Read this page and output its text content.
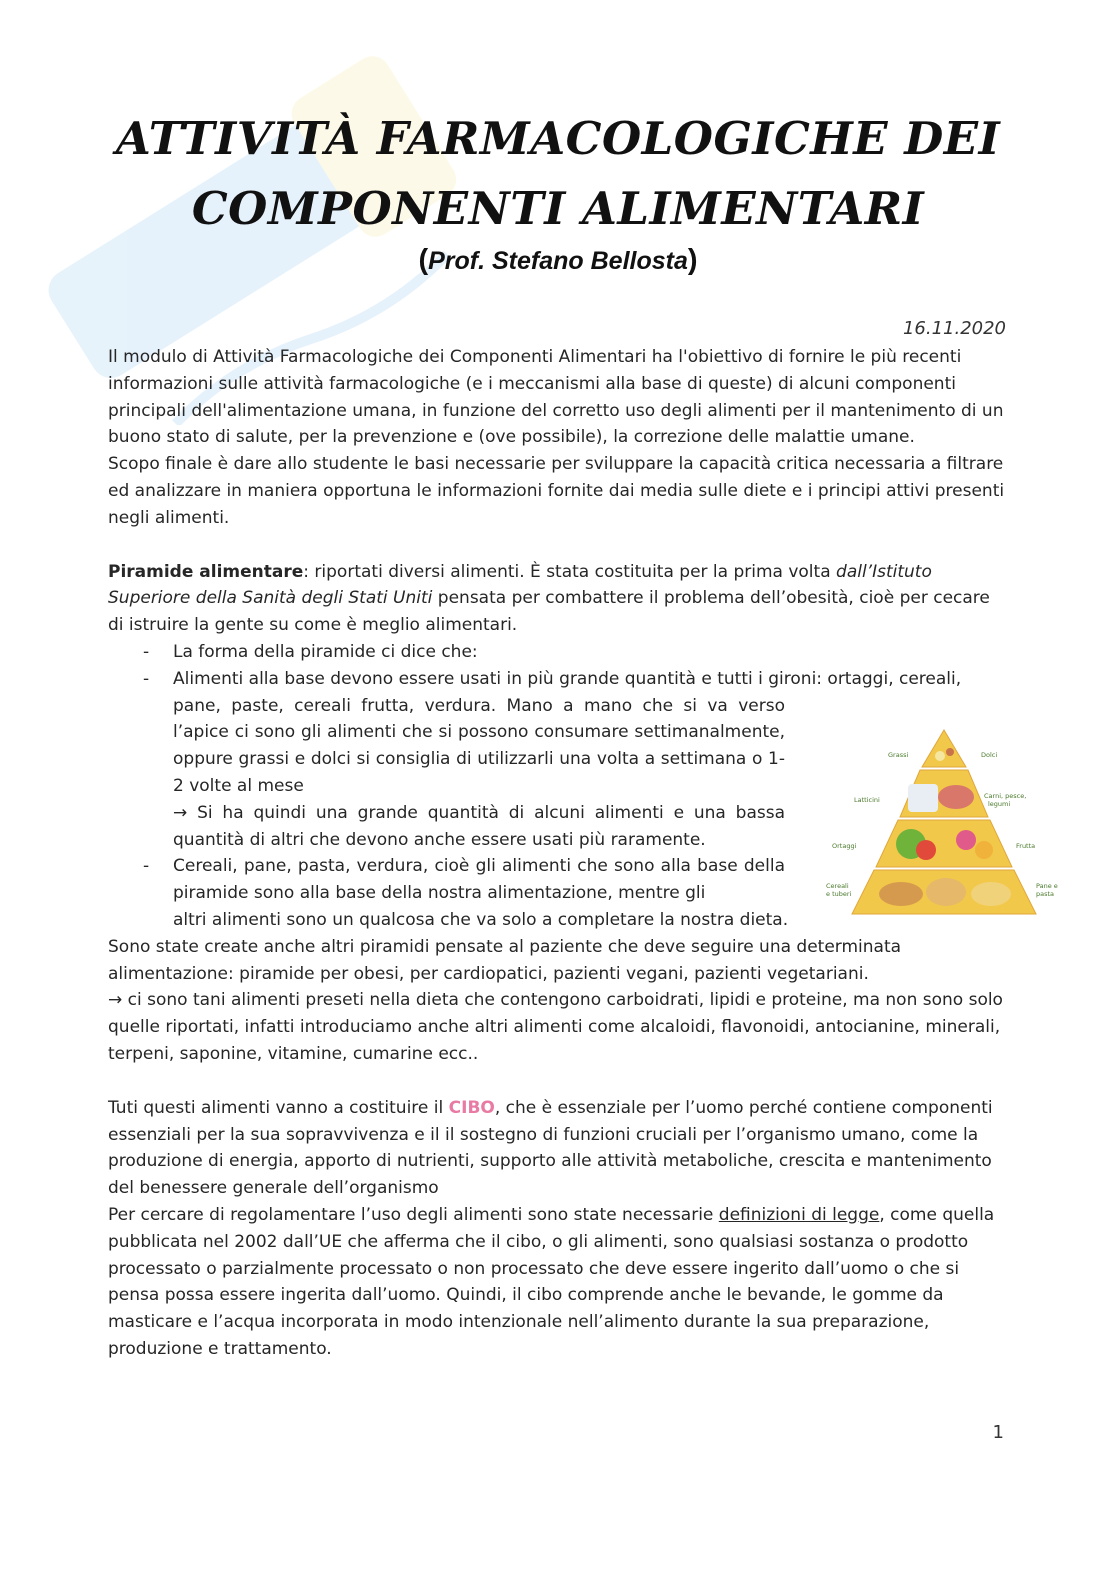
ATTIVITÀ FARMACOLOGICHE DEI
COMPONENTI ALIMENTARI

(Prof. Stefano Bellosta)

16.11.2020

Il modulo di Attività Farmacologiche dei Componenti Alimentari ha l'obiettivo di fornire le più recenti informazioni sulle attività farmacologiche (e i meccanismi alla base di queste) di alcuni componenti principali dell'alimentazione umana, in funzione del corretto uso degli alimenti per il mantenimento di un buono stato di salute, per la prevenzione e (ove possibile), la correzione delle malattie umane.

Scopo finale è dare allo studente le basi necessarie per sviluppare la capacità critica necessaria a filtrare ed analizzare in maniera opportuna le informazioni fornite dai media sulle diete e i principi attivi presenti negli alimenti.

Piramide alimentare: riportati diversi alimenti. È stata costituita per la prima volta dall’Istituto Superiore della Sanità degli Stati Uniti pensata per combattere il problema dell’obesità, cioè per cecare di istruire la gente su come è meglio alimentari.

- La forma della piramide ci dice che:
- Alimenti alla base devono essere usati in più grande quantità e tutti i gironi: ortaggi, cereali,
pane, paste, cereali frutta, verdura. Mano a mano che si va verso l’apice ci sono gli alimenti che si possono consumare settimanalmente, oppure grassi e dolci si consiglia di utilizzarli una volta a settimana o 1-2 volte al mese
→ Si ha quindi una grande quantità di alcuni alimenti e una bassa quantità di altri che devono anche essere usati più raramente.
- Cereali, pane, pasta, verdura, cioè gli alimenti che sono alla base della piramide sono alla base della nostra alimentazione, mentre gli
altri alimenti sono un qualcosa che va solo a completare la nostra dieta.

Sono state create anche altri piramidi pensate al paziente che deve seguire una determinata alimentazione: piramide per obesi, per cardiopatici, pazienti vegani, pazienti vegetariani.

→ ci sono tani alimenti preseti nella dieta che contengono carboidrati, lipidi e proteine, ma non sono solo quelle riportati, infatti introduciamo anche altri alimenti come alcaloidi, flavonoidi, antocianine, minerali, terpeni, saponine, vitamine, cumarine ecc..

Tuti questi alimenti vanno a costituire il CIBO, che è essenziale per l’uomo perché contiene componenti essenziali per la sua sopravvivenza e il il sostegno di funzioni cruciali per l’organismo umano, come la produzione di energia, apporto di nutrienti, supporto alle attività metaboliche, crescita e mantenimento del benessere generale dell’organismo

Per cercare di regolamentare l’uso degli alimenti sono state necessarie definizioni di legge, come quella pubblicata nel 2002 dall’UE che afferma che il cibo, o gli alimenti, sono qualsiasi sostanza o prodotto processato o parzialmente processato o non processato che deve essere ingerito dall’uomo o che si pensa possa essere ingerita dall’uomo. Quindi, il cibo comprende anche le bevande, le gomme da masticare e l’acqua incorporata in modo intenzionale nell’alimento durante la sua preparazione, produzione e trattamento.

Grassi	Dolci
Latticini	Carni, pesce,
legumi
Ortaggi	Frutta
Cereali
e tuberi
Pane e
pasta
1
